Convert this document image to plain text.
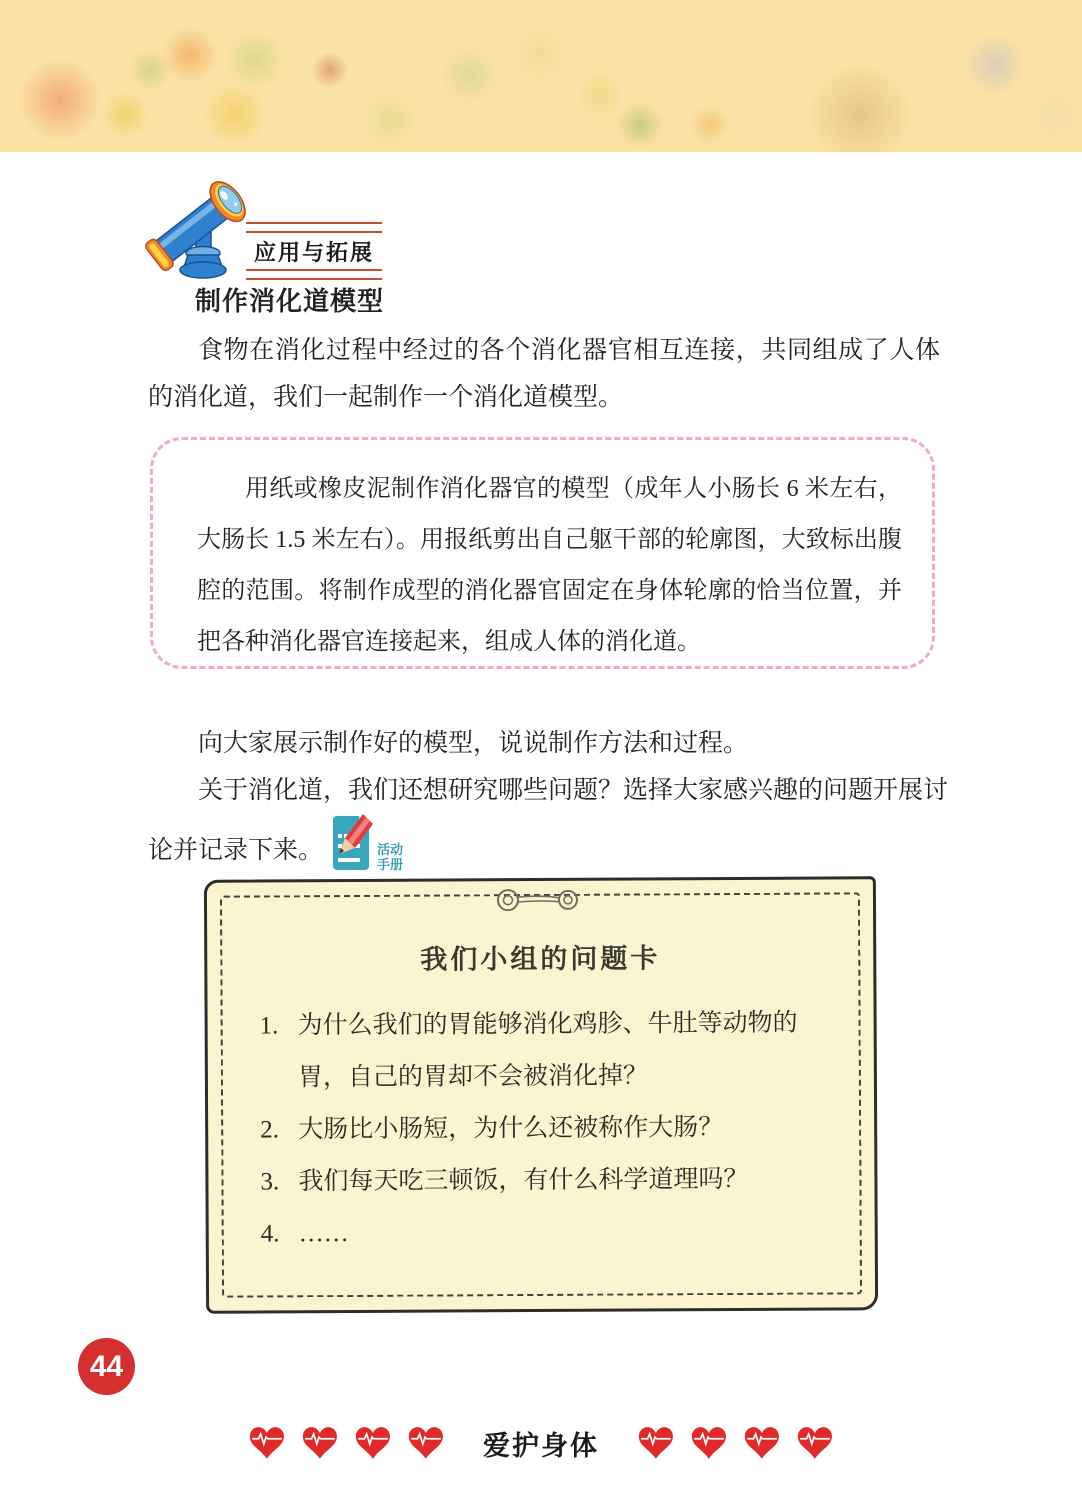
应用与拓展
制作消化道模型

食物在消化过程中经过的各个消化器官相互连接，共同组成了人体的消化道，我们一起制作一个消化道模型。

用纸或橡皮泥制作消化器官的模型（成年人小肠长 6 米左右，大肠长 1.5 米左右）。用报纸剪出自己躯干部的轮廓图，大致标出腹腔的范围。将制作成型的消化器官固定在身体轮廓的恰当位置，并把各种消化器官连接起来，组成人体的消化道。

向大家展示制作好的模型，说说制作方法和过程。

关于消化道，我们还想研究哪些问题？选择大家感兴趣的问题开展讨论并记录下来。	活动
手册

我们小组的问题卡
1. 为什么我们的胃能够消化鸡胗、牛肚等动物的胃，自己的胃却不会被消化掉？
2. 大肠比小肠短，为什么还被称作大肠？
3. 我们每天吃三顿饭，有什么科学道理吗？
4. ……
44
爱护身体
